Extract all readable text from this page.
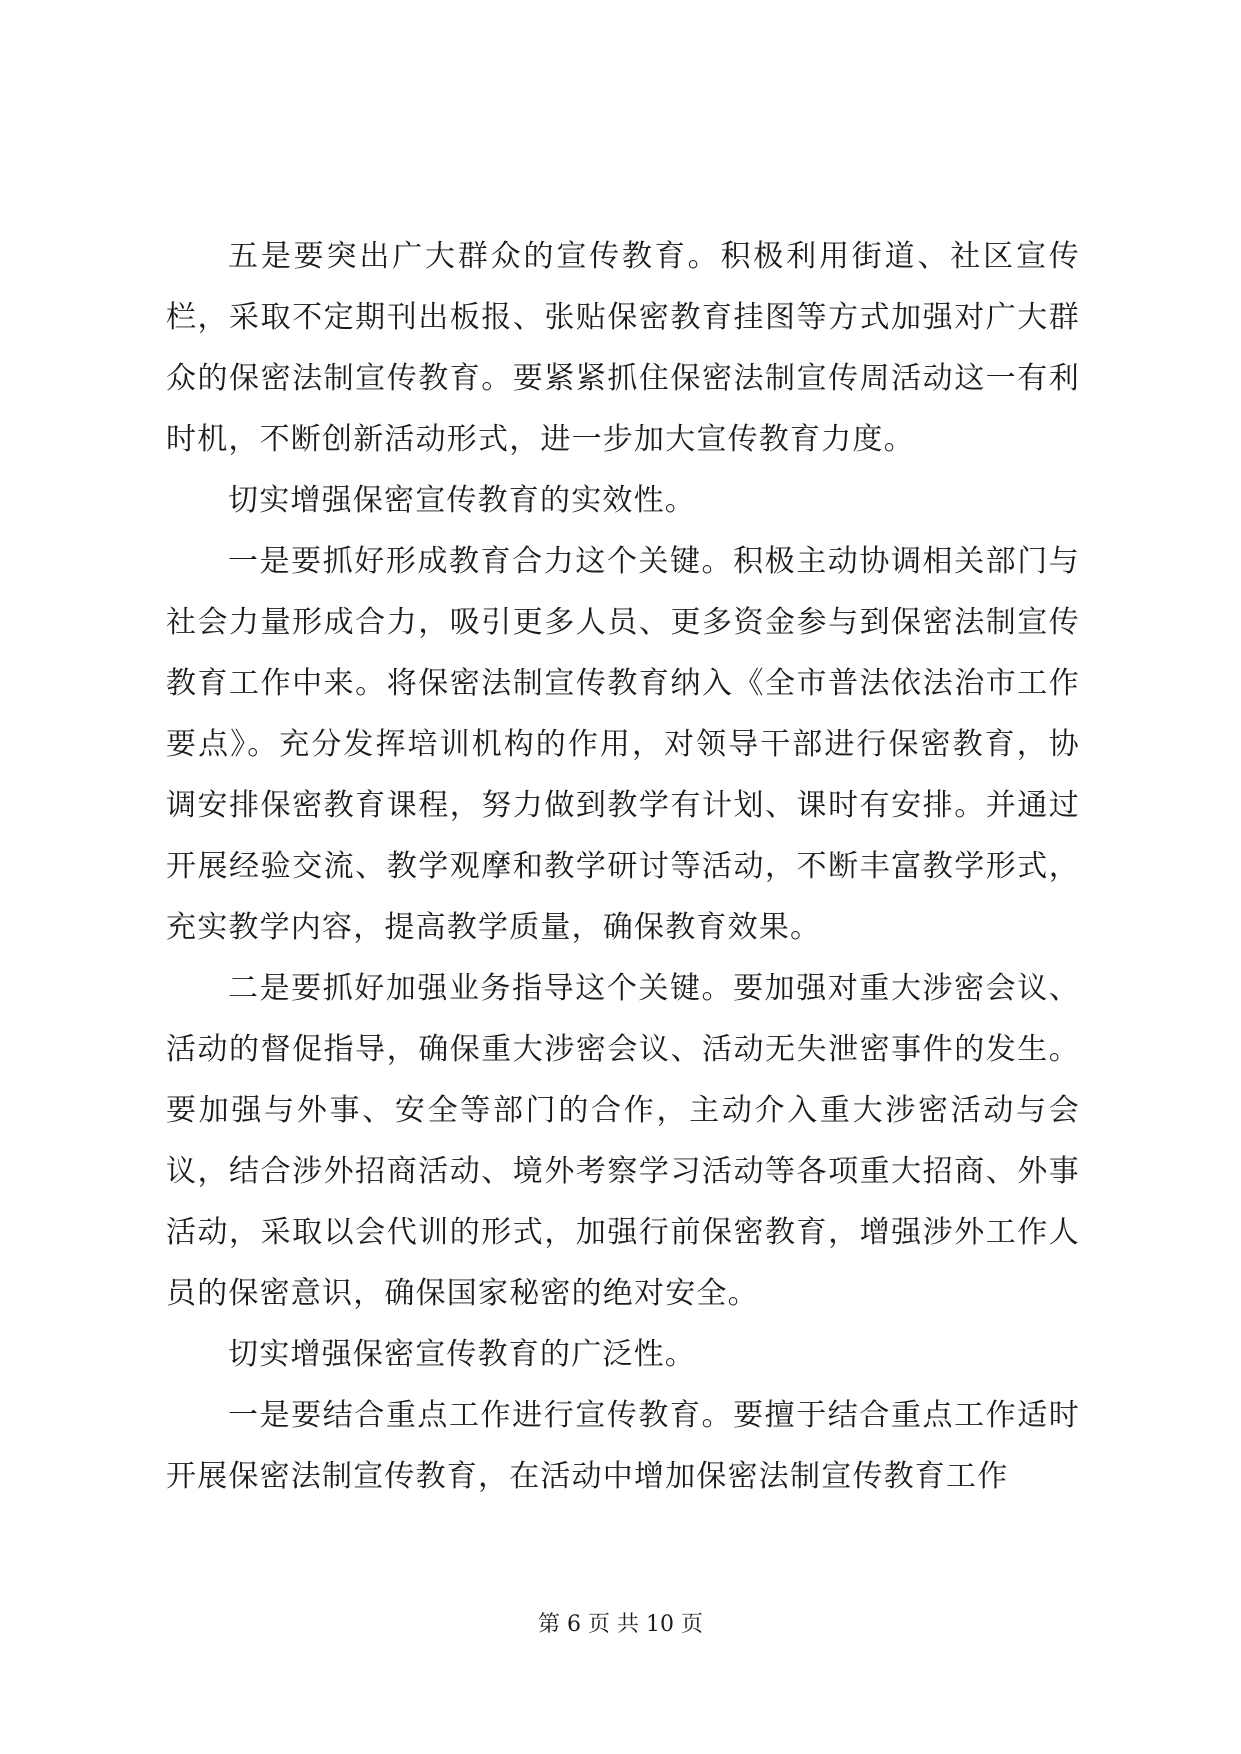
五是要突出广大群众的宣传教育。积极利用街道、社区宣传栏，采取不定期刊出板报、张贴保密教育挂图等方式加强对广大群众的保密法制宣传教育。要紧紧抓住保密法制宣传周活动这一有利时机，不断创新活动形式，进一步加大宣传教育力度。

切实增强保密宣传教育的实效性。

一是要抓好形成教育合力这个关键。积极主动协调相关部门与社会力量形成合力，吸引更多人员、更多资金参与到保密法制宣传教育工作中来。将保密法制宣传教育纳入《全市普法依法治市工作要点》。充分发挥培训机构的作用，对领导干部进行保密教育，协调安排保密教育课程，努力做到教学有计划、课时有安排。并通过开展经验交流、教学观摩和教学研讨等活动，不断丰富教学形式，充实教学内容，提高教学质量，确保教育效果。

二是要抓好加强业务指导这个关键。要加强对重大涉密会议、活动的督促指导，确保重大涉密会议、活动无失泄密事件的发生。要加强与外事、安全等部门的合作，主动介入重大涉密活动与会议，结合涉外招商活动、境外考察学习活动等各项重大招商、外事活动，采取以会代训的形式，加强行前保密教育，增强涉外工作人员的保密意识，确保国家秘密的绝对安全。

切实增强保密宣传教育的广泛性。

一是要结合重点工作进行宣传教育。要擅于结合重点工作适时开展保密法制宣传教育，在活动中增加保密法制宣传教育工作

第 6 页 共 10 页
